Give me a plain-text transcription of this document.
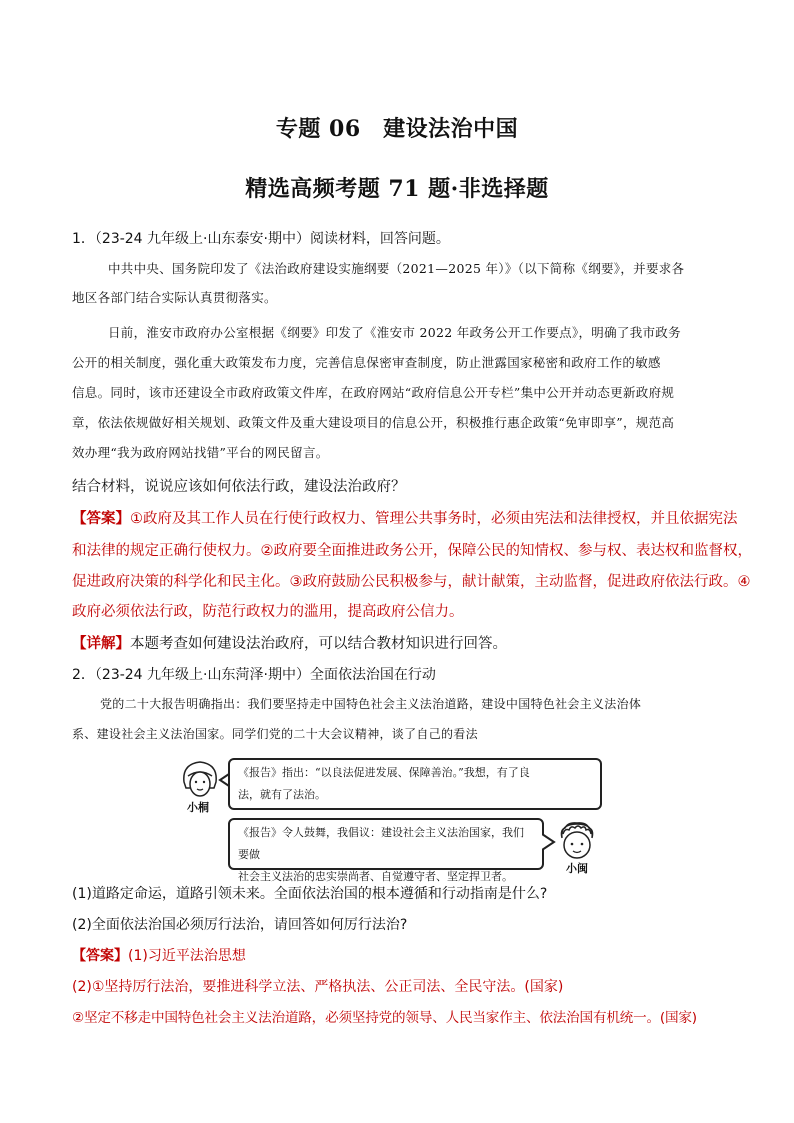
专题 06　建设法治中国
精选高频考题 71 题·非选择题
1．（23-24 九年级上·山东泰安·期中）阅读材料，回答问题。
中共中央、国务院印发了《法治政府建设实施纲要（2021—2025 年）》（以下简称《纲要》，并要求各
地区各部门结合实际认真贯彻落实。
日前，淮安市政府办公室根据《纲要》印发了《淮安市 2022 年政务公开工作要点》，明确了我市政务
公开的相关制度，强化重大政策发布力度，完善信息保密审查制度，防止泄露国家秘密和政府工作的敏感
信息。同时，该市还建设全市政府政策文件库，在政府网站“政府信息公开专栏”集中公开并动态更新政府规
章，依法依规做好相关规划、政策文件及重大建设项目的信息公开，积极推行惠企政策“免审即享”，规范高
效办理“我为政府网站找错”平台的网民留言。
结合材料，说说应该如何依法行政，建设法治政府？
【答案】①政府及其工作人员在行使行政权力、管理公共事务时，必须由宪法和法律授权，并且依据宪法
和法律的规定正确行使权力。②政府要全面推进政务公开，保障公民的知情权、参与权、表达权和监督权，
促进政府决策的科学化和民主化。③政府鼓励公民积极参与，献计献策，主动监督，促进政府依法行政。④
政府必须依法行政，防范行政权力的滥用，提高政府公信力。
【详解】本题考查如何建设法治政府，可以结合教材知识进行回答。
2．（23-24 九年级上·山东菏泽·期中）全面依法治国在行动
党的二十大报告明确指出：我们要坚持走中国特色社会主义法治道路，建设中国特色社会主义法治体
系、建设社会主义法治国家。同学们党的二十大会议精神，谈了自己的看法
小桐
《报告》指出：“以良法促进发展、保障善治。”我想，有了良
法，就有了法治。
《报告》令人鼓舞，我倡议：建设社会主义法治国家，我们要做
社会主义法治的忠实崇尚者、自觉遵守者、坚定捍卫者。
小闽
(1)道路定命运，道路引领未来。全面依法治国的根本遵循和行动指南是什么?
(2)全面依法治国必须厉行法治，请回答如何厉行法治?
【答案】(1)习近平法治思想
(2)①坚持厉行法治，要推进科学立法、严格执法、公正司法、全民守法。(国家)
②坚定不移走中国特色社会主义法治道路，必须坚持党的领导、人民当家作主、依法治国有机统一。(国家)
